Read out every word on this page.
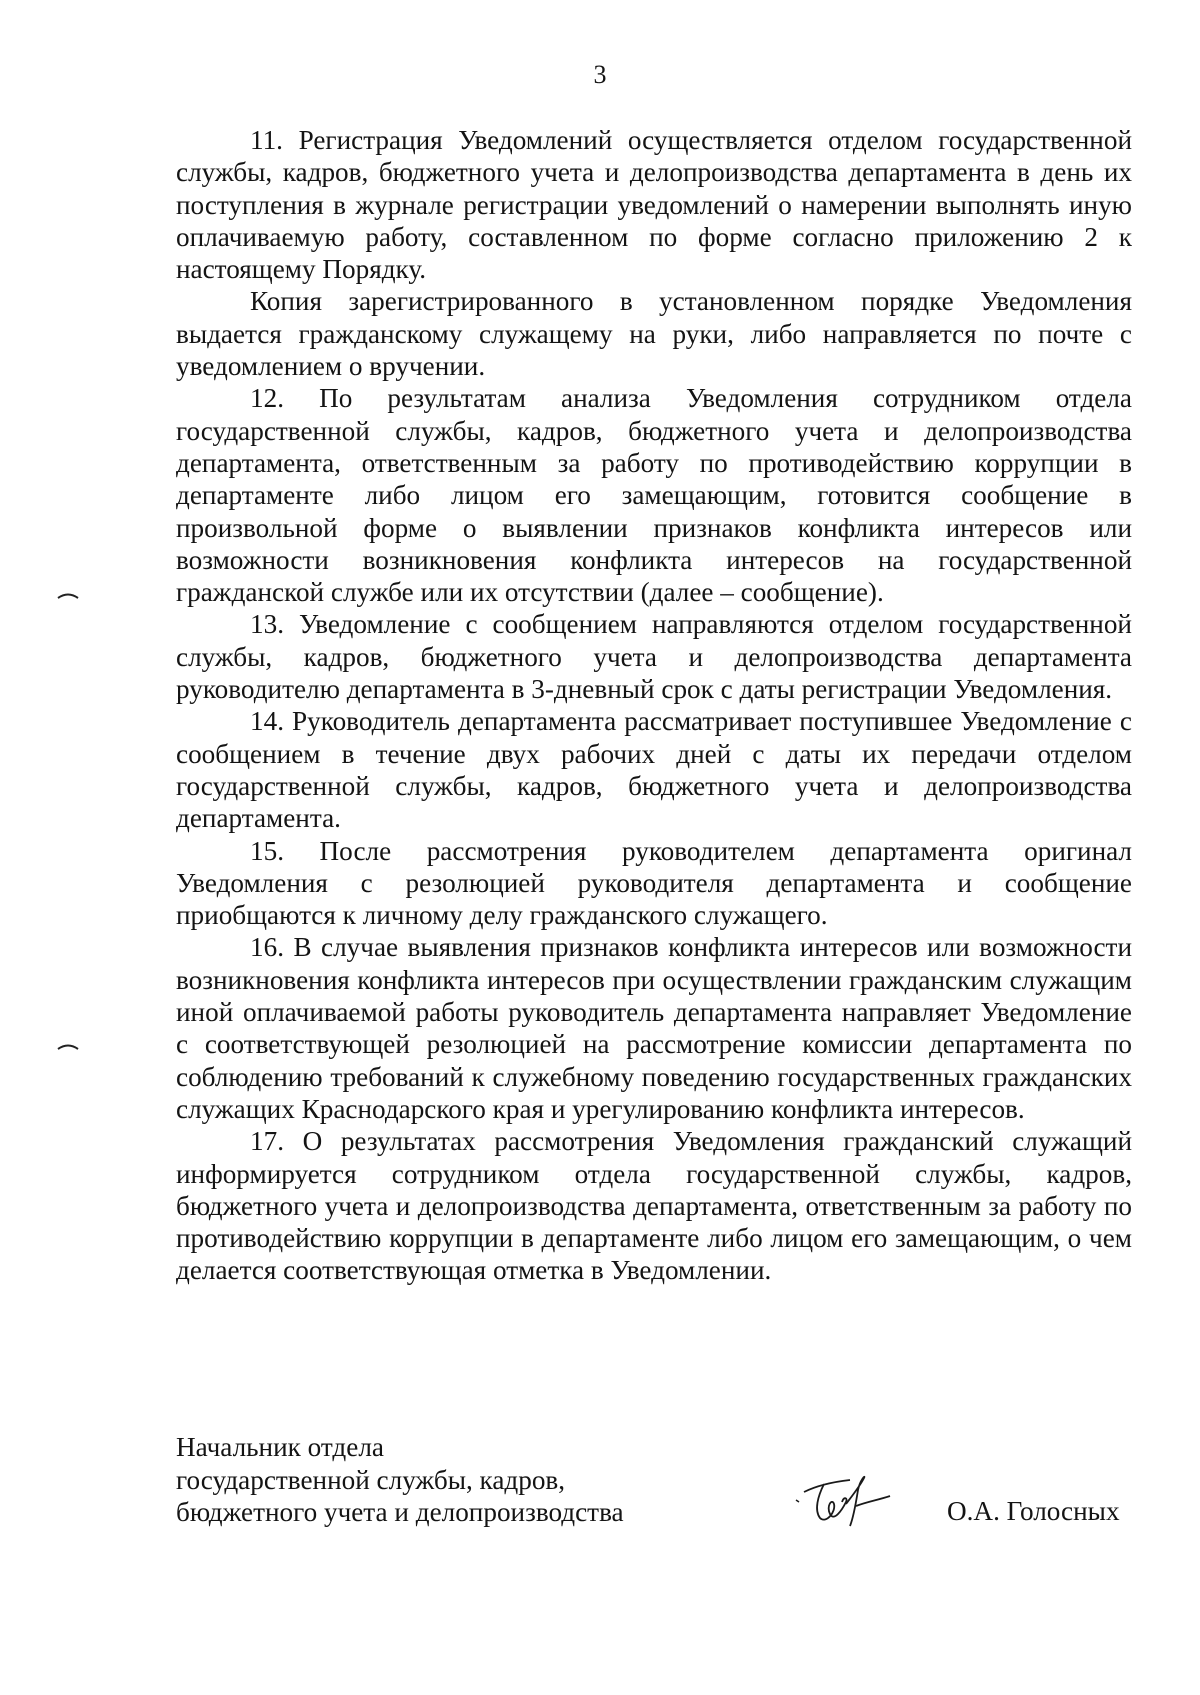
3

11. Регистрация Уведомлений осуществляется отделом государственной службы, кадров, бюджетного учета и делопроизводства департамента в день их поступления в журнале регистрации уведомлений о намерении выполнять иную оплачиваемую работу, составленном по форме согласно приложению 2 к настоящему Порядку.

Копия зарегистрированного в установленном порядке Уведомления выдается гражданскому служащему на руки, либо направляется по почте с уведомлением о вручении.

12. По результатам анализа Уведомления сотрудником отдела государственной службы, кадров, бюджетного учета и делопроизводства департамента, ответственным за работу по противодействию коррупции в департаменте либо лицом его замещающим, готовится сообщение в произвольной форме о выявлении признаков конфликта интересов или возможности возникновения конфликта интересов на государственной гражданской службе или их отсутствии (далее – сообщение).

13. Уведомление с сообщением направляются отделом государственной службы, кадров, бюджетного учета и делопроизводства департамента руководителю департамента в 3-дневный срок с даты регистрации Уведомления.

14. Руководитель департамента рассматривает поступившее Уведомление с сообщением в течение двух рабочих дней с даты их передачи отделом государственной службы, кадров, бюджетного учета и делопроизводства департамента.

15. После рассмотрения руководителем департамента оригинал Уведомления с резолюцией руководителя департамента и сообщение приобщаются к личному делу гражданского служащего.

16. В случае выявления признаков конфликта интересов или возможности возникновения конфликта интересов при осуществлении гражданским служащим иной оплачиваемой работы руководитель департамента направляет Уведомление с соответствующей резолюцией на рассмотрение комиссии департамента по соблюдению требований к служебному поведению государственных гражданских служащих Краснодарского края и урегулированию конфликта интересов.

17. О результатах рассмотрения Уведомления гражданский служащий информируется сотрудником отдела государственной службы, кадров, бюджетного учета и делопроизводства департамента, ответственным за работу по противодействию коррупции в департаменте либо лицом его замещающим, о чем делается соответствующая отметка в Уведомлении.

Начальник отдела
государственной службы, кадров,
бюджетного учета и делопроизводства	О.А. Голосных
